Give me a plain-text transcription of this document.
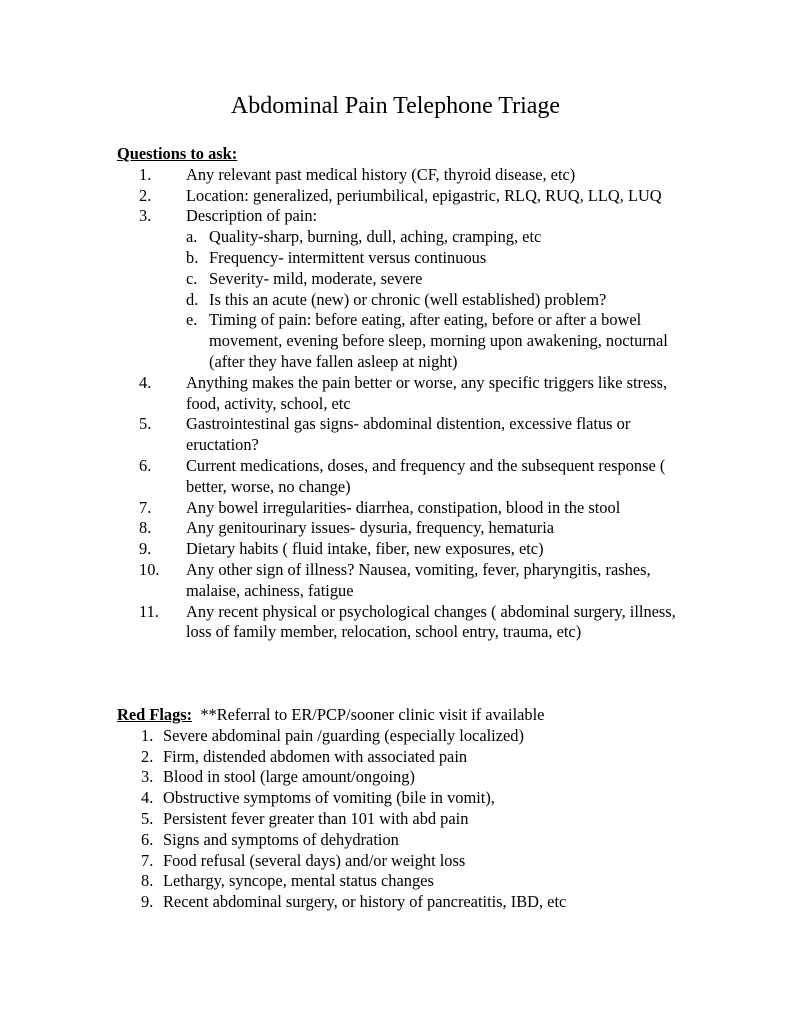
Abdominal Pain Telephone Triage

Questions to ask:

1. Any relevant past medical history (CF, thyroid disease, etc)
2. Location: generalized, periumbilical, epigastric, RLQ, RUQ, LLQ, LUQ
3. Description of pain:
a. Quality-sharp, burning, dull, aching, cramping, etc
b. Frequency- intermittent versus continuous
c. Severity- mild, moderate, severe
d. Is this an acute (new) or chronic (well established) problem?
e. Timing of pain: before eating, after eating, before or after a bowel movement, evening before sleep, morning upon awakening, nocturnal (after they have fallen asleep at night)
4. Anything makes the pain better or worse, any specific triggers like stress, food, activity, school, etc
5. Gastrointestinal gas signs- abdominal distention, excessive flatus or eructation?
6. Current medications, doses, and frequency and the subsequent response ( better, worse, no change)
7. Any bowel irregularities- diarrhea, constipation, blood in the stool
8. Any genitourinary issues- dysuria, frequency, hematuria
9. Dietary habits ( fluid intake, fiber, new exposures, etc)
10. Any other sign of illness? Nausea, vomiting, fever, pharyngitis, rashes, malaise, achiness, fatigue
11. Any recent physical or psychological changes ( abdominal surgery, illness, loss of family member, relocation, school entry, trauma, etc)

Red Flags: **Referral to ER/PCP/sooner clinic visit if available

1. Severe abdominal pain /guarding (especially localized)
2. Firm, distended abdomen with associated pain
3. Blood in stool (large amount/ongoing)
4. Obstructive symptoms of vomiting (bile in vomit),
5. Persistent fever greater than 101 with abd pain
6. Signs and symptoms of dehydration
7. Food refusal (several days) and/or weight loss
8. Lethargy, syncope, mental status changes
9. Recent abdominal surgery, or history of pancreatitis, IBD, etc
